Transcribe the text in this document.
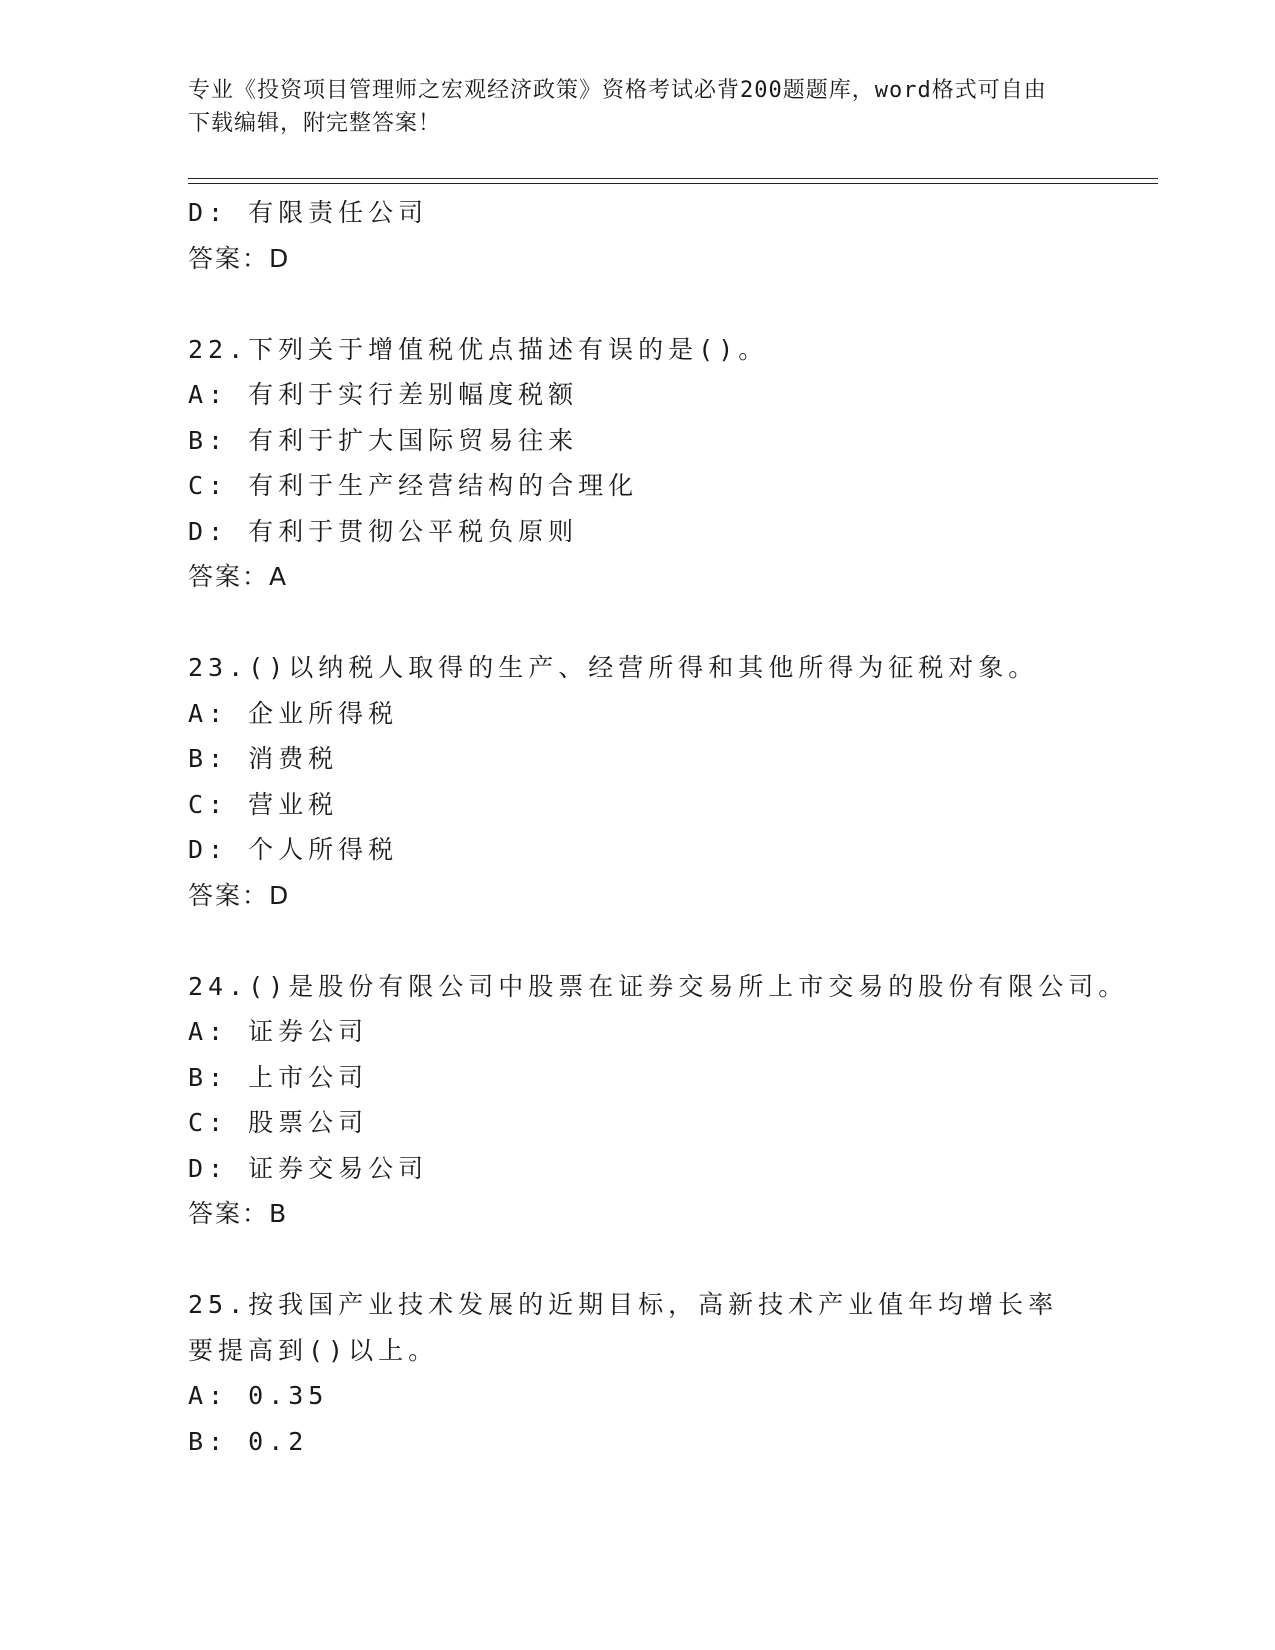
专业《投资项目管理师之宏观经济政策》资格考试必背200题题库，word格式可自由下载编辑，附完整答案！
D: 有限责任公司
答案：D
22.下列关于增值税优点描述有误的是()。
A: 有利于实行差别幅度税额
B: 有利于扩大国际贸易往来
C: 有利于生产经营结构的合理化
D: 有利于贯彻公平税负原则
答案：A
23.()以纳税人取得的生产、经营所得和其他所得为征税对象。
A: 企业所得税
B: 消费税
C: 营业税
D: 个人所得税
答案：D
24.()是股份有限公司中股票在证券交易所上市交易的股份有限公司。
A: 证券公司
B: 上市公司
C: 股票公司
D: 证券交易公司
答案：B
25.按我国产业技术发展的近期目标，高新技术产业值年均增长率要提高到()以上。
A: 0.35
B: 0.2
